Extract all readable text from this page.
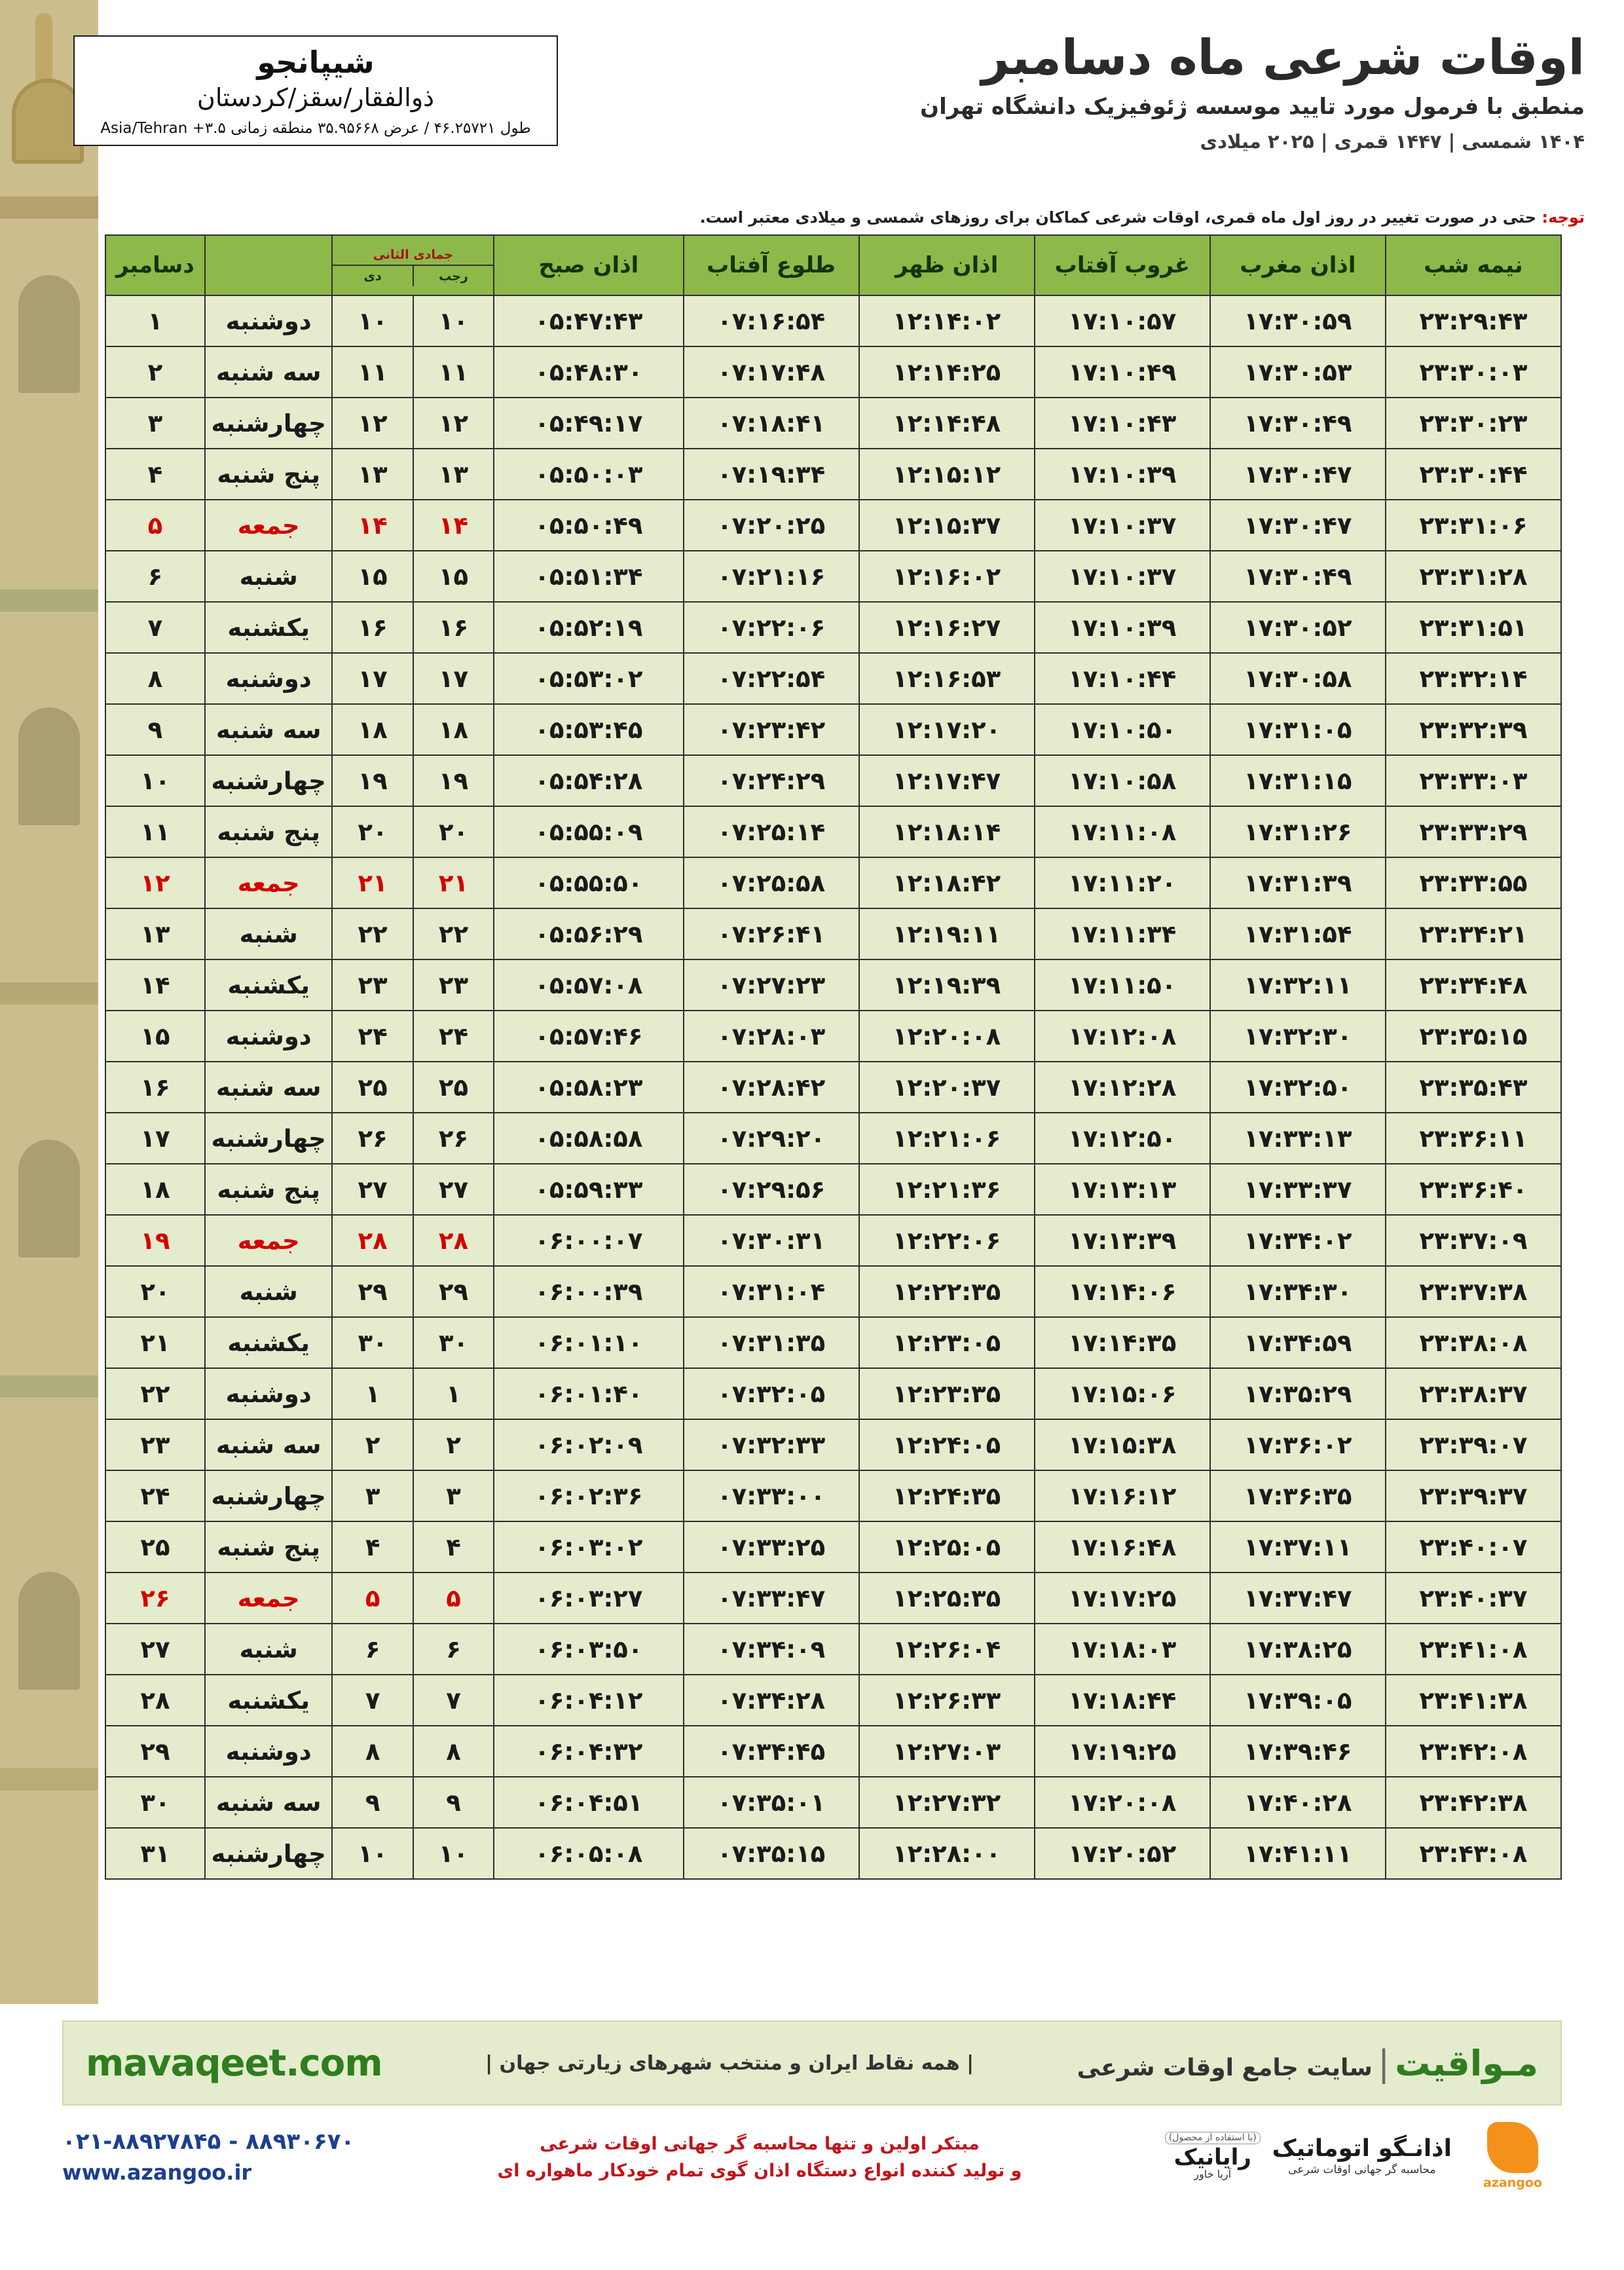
اوقات شرعی ماه دسامبر
منطبق با فرمول مورد تایید موسسه ژئوفیزیک دانشگاه تهران
۱۴۰۴ شمسی | ۱۴۴۷ قمری | ۲۰۲۵ میلادی
شیپانجو
ذوالفقار/سقز/کردستان
طول ۴۶.۲۵۷۲۱ / عرض ۳۵.۹۵۶۶۸ منطقه زمانی ۳.۵+ Asia/Tehran
توجه: حتی در صورت تغییر در روز اول ماه قمری، اوقات شرعی کماکان برای روزهای شمسی و میلادی معتبر است.
نیمه شب	اذان مغرب	غروب آفتاب	اذان ظهر	طلوع آفتاب	اذان صبح	جمادی الثانی
رجب
دی			دسامبر
۲۳:۲۹:۴۳	۱۷:۳۰:۵۹	۱۷:۱۰:۵۷	۱۲:۱۴:۰۲	۰۷:۱۶:۵۴	۰۵:۴۷:۴۳	۱۰	۱۰	دوشنبه	۱
۲۳:۳۰:۰۳	۱۷:۳۰:۵۳	۱۷:۱۰:۴۹	۱۲:۱۴:۲۵	۰۷:۱۷:۴۸	۰۵:۴۸:۳۰	۱۱	۱۱	سه شنبه	۲
۲۳:۳۰:۲۳	۱۷:۳۰:۴۹	۱۷:۱۰:۴۳	۱۲:۱۴:۴۸	۰۷:۱۸:۴۱	۰۵:۴۹:۱۷	۱۲	۱۲	چهارشنبه	۳
۲۳:۳۰:۴۴	۱۷:۳۰:۴۷	۱۷:۱۰:۳۹	۱۲:۱۵:۱۲	۰۷:۱۹:۳۴	۰۵:۵۰:۰۳	۱۳	۱۳	پنج شنبه	۴
۲۳:۳۱:۰۶	۱۷:۳۰:۴۷	۱۷:۱۰:۳۷	۱۲:۱۵:۳۷	۰۷:۲۰:۲۵	۰۵:۵۰:۴۹	۱۴	۱۴	جمعه	۵
۲۳:۳۱:۲۸	۱۷:۳۰:۴۹	۱۷:۱۰:۳۷	۱۲:۱۶:۰۲	۰۷:۲۱:۱۶	۰۵:۵۱:۳۴	۱۵	۱۵	شنبه	۶
۲۳:۳۱:۵۱	۱۷:۳۰:۵۲	۱۷:۱۰:۳۹	۱۲:۱۶:۲۷	۰۷:۲۲:۰۶	۰۵:۵۲:۱۹	۱۶	۱۶	یکشنبه	۷
۲۳:۳۲:۱۴	۱۷:۳۰:۵۸	۱۷:۱۰:۴۴	۱۲:۱۶:۵۳	۰۷:۲۲:۵۴	۰۵:۵۳:۰۲	۱۷	۱۷	دوشنبه	۸
۲۳:۳۲:۳۹	۱۷:۳۱:۰۵	۱۷:۱۰:۵۰	۱۲:۱۷:۲۰	۰۷:۲۳:۴۲	۰۵:۵۳:۴۵	۱۸	۱۸	سه شنبه	۹
۲۳:۳۳:۰۳	۱۷:۳۱:۱۵	۱۷:۱۰:۵۸	۱۲:۱۷:۴۷	۰۷:۲۴:۲۹	۰۵:۵۴:۲۸	۱۹	۱۹	چهارشنبه	۱۰
۲۳:۳۳:۲۹	۱۷:۳۱:۲۶	۱۷:۱۱:۰۸	۱۲:۱۸:۱۴	۰۷:۲۵:۱۴	۰۵:۵۵:۰۹	۲۰	۲۰	پنج شنبه	۱۱
۲۳:۳۳:۵۵	۱۷:۳۱:۳۹	۱۷:۱۱:۲۰	۱۲:۱۸:۴۲	۰۷:۲۵:۵۸	۰۵:۵۵:۵۰	۲۱	۲۱	جمعه	۱۲
۲۳:۳۴:۲۱	۱۷:۳۱:۵۴	۱۷:۱۱:۳۴	۱۲:۱۹:۱۱	۰۷:۲۶:۴۱	۰۵:۵۶:۲۹	۲۲	۲۲	شنبه	۱۳
۲۳:۳۴:۴۸	۱۷:۳۲:۱۱	۱۷:۱۱:۵۰	۱۲:۱۹:۳۹	۰۷:۲۷:۲۳	۰۵:۵۷:۰۸	۲۳	۲۳	یکشنبه	۱۴
۲۳:۳۵:۱۵	۱۷:۳۲:۳۰	۱۷:۱۲:۰۸	۱۲:۲۰:۰۸	۰۷:۲۸:۰۳	۰۵:۵۷:۴۶	۲۴	۲۴	دوشنبه	۱۵
۲۳:۳۵:۴۳	۱۷:۳۲:۵۰	۱۷:۱۲:۲۸	۱۲:۲۰:۳۷	۰۷:۲۸:۴۲	۰۵:۵۸:۲۳	۲۵	۲۵	سه شنبه	۱۶
۲۳:۳۶:۱۱	۱۷:۳۳:۱۳	۱۷:۱۲:۵۰	۱۲:۲۱:۰۶	۰۷:۲۹:۲۰	۰۵:۵۸:۵۸	۲۶	۲۶	چهارشنبه	۱۷
۲۳:۳۶:۴۰	۱۷:۳۳:۳۷	۱۷:۱۳:۱۳	۱۲:۲۱:۳۶	۰۷:۲۹:۵۶	۰۵:۵۹:۳۳	۲۷	۲۷	پنج شنبه	۱۸
۲۳:۳۷:۰۹	۱۷:۳۴:۰۲	۱۷:۱۳:۳۹	۱۲:۲۲:۰۶	۰۷:۳۰:۳۱	۰۶:۰۰:۰۷	۲۸	۲۸	جمعه	۱۹
۲۳:۳۷:۳۸	۱۷:۳۴:۳۰	۱۷:۱۴:۰۶	۱۲:۲۲:۳۵	۰۷:۳۱:۰۴	۰۶:۰۰:۳۹	۲۹	۲۹	شنبه	۲۰
۲۳:۳۸:۰۸	۱۷:۳۴:۵۹	۱۷:۱۴:۳۵	۱۲:۲۳:۰۵	۰۷:۳۱:۳۵	۰۶:۰۱:۱۰	۳۰	۳۰	یکشنبه	۲۱
۲۳:۳۸:۳۷	۱۷:۳۵:۲۹	۱۷:۱۵:۰۶	۱۲:۲۳:۳۵	۰۷:۳۲:۰۵	۰۶:۰۱:۴۰	۱	۱	دوشنبه	۲۲
۲۳:۳۹:۰۷	۱۷:۳۶:۰۲	۱۷:۱۵:۳۸	۱۲:۲۴:۰۵	۰۷:۳۲:۳۳	۰۶:۰۲:۰۹	۲	۲	سه شنبه	۲۳
۲۳:۳۹:۳۷	۱۷:۳۶:۳۵	۱۷:۱۶:۱۲	۱۲:۲۴:۳۵	۰۷:۳۳:۰۰	۰۶:۰۲:۳۶	۳	۳	چهارشنبه	۲۴
۲۳:۴۰:۰۷	۱۷:۳۷:۱۱	۱۷:۱۶:۴۸	۱۲:۲۵:۰۵	۰۷:۳۳:۲۵	۰۶:۰۳:۰۲	۴	۴	پنج شنبه	۲۵
۲۳:۴۰:۳۷	۱۷:۳۷:۴۷	۱۷:۱۷:۲۵	۱۲:۲۵:۳۵	۰۷:۳۳:۴۷	۰۶:۰۳:۲۷	۵	۵	جمعه	۲۶
۲۳:۴۱:۰۸	۱۷:۳۸:۲۵	۱۷:۱۸:۰۳	۱۲:۲۶:۰۴	۰۷:۳۴:۰۹	۰۶:۰۳:۵۰	۶	۶	شنبه	۲۷
۲۳:۴۱:۳۸	۱۷:۳۹:۰۵	۱۷:۱۸:۴۴	۱۲:۲۶:۳۳	۰۷:۳۴:۲۸	۰۶:۰۴:۱۲	۷	۷	یکشنبه	۲۸
۲۳:۴۲:۰۸	۱۷:۳۹:۴۶	۱۷:۱۹:۲۵	۱۲:۲۷:۰۳	۰۷:۳۴:۴۵	۰۶:۰۴:۳۲	۸	۸	دوشنبه	۲۹
۲۳:۴۲:۳۸	۱۷:۴۰:۲۸	۱۷:۲۰:۰۸	۱۲:۲۷:۳۲	۰۷:۳۵:۰۱	۰۶:۰۴:۵۱	۹	۹	سه شنبه	۳۰
۲۳:۴۳:۰۸	۱۷:۴۱:۱۱	۱۷:۲۰:۵۲	۱۲:۲۸:۰۰	۰۷:۳۵:۱۵	۰۶:۰۵:۰۸	۱۰	۱۰	چهارشنبه	۳۱
مـواقیت|سایت جامع اوقات شرعی
| همه نقاط ایران و منتخب شهرهای زیارتی جهان |
mavaqeet.com
azangoo
اذانـگو اتوماتیک
محاسبه گر جهانی اوقات شرعی
(با استفاده از محصول)
رایانیک
آریا خاور
مبتکر اولین و تنها محاسبه گر جهانی اوقات شرعی
و تولید کننده انواع دستگاه اذان گوی تمام خودکار ماهواره ای
۰۲۱-۸۸۹۲۷۸۴۵ - ۸۸۹۳۰۶۷۰
www.azangoo.ir
